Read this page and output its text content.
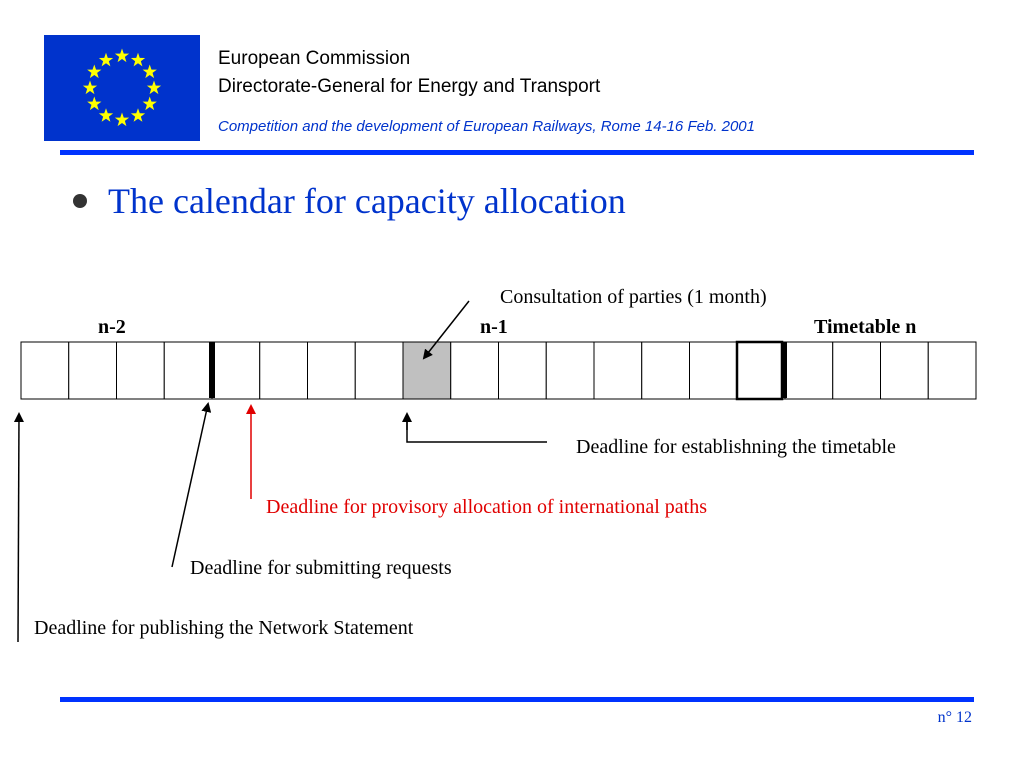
European Commission
Directorate-General for Energy and Transport
Competition and the development of European Railways, Rome 14-16 Feb. 2001
The calendar for capacity allocation
n-2	n-1	Timetable n
Consultation of parties (1 month)
Deadline for establishning the timetable
Deadline for provisory allocation of international paths
Deadline for submitting requests
Deadline for publishing the Network Statement
n° 12
